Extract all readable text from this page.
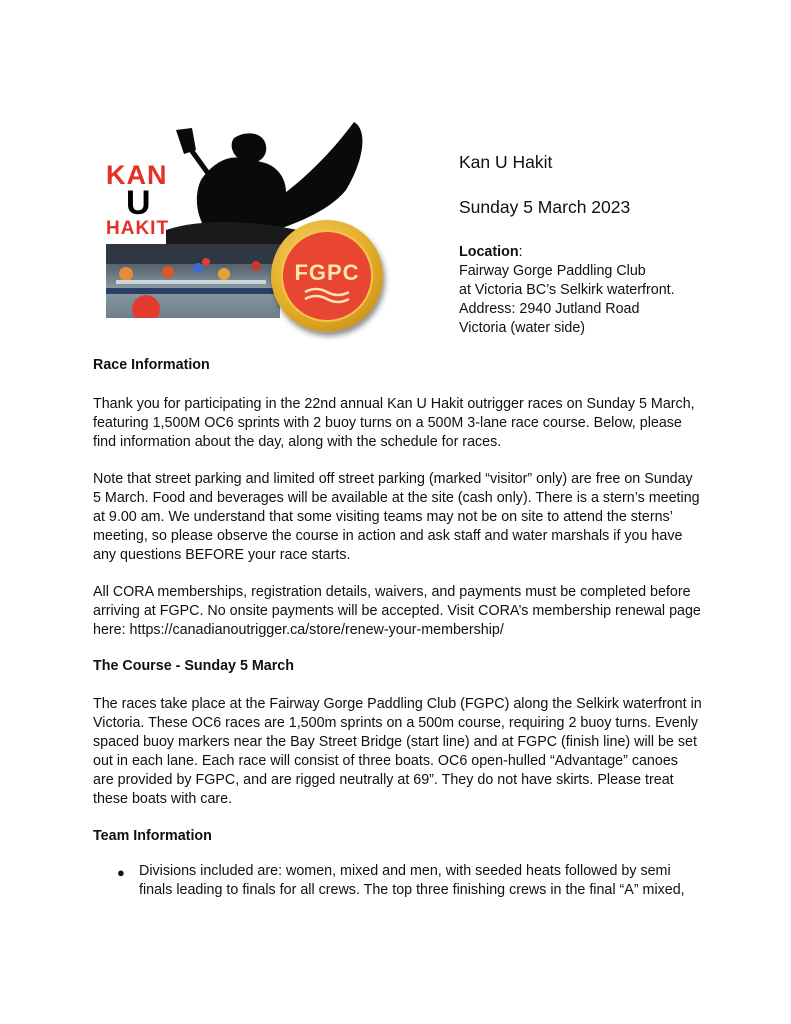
KAN
U
HAKIT
FGPC
Kan U Hakit
Sunday 5 March 2023
Location:
Fairway Gorge Paddling Club
at Victoria BC’s Selkirk waterfront.
Address: 2940 Jutland Road
Victoria (water side)
Race Information
Thank you for participating in the 22nd annual Kan U Hakit outrigger races on Sunday 5 March,
featuring 1,500M OC6 sprints with 2 buoy turns on a 500M 3-lane race course. Below, please
find information about the day, along with the schedule for races.
Note that street parking and limited off street parking (marked “visitor” only) are free on Sunday
5 March. Food and beverages will be available at the site (cash only). There is a stern’s meeting
at 9.00 am. We understand that some visiting teams may not be on site to attend the sterns’
meeting, so please observe the course in action and ask staff and water marshals if you have
any questions BEFORE your race starts.
All CORA memberships, registration details, waivers, and payments must be completed before
arriving at FGPC. No onsite payments will be accepted. Visit CORA’s membership renewal page
here: https://canadianoutrigger.ca/store/renew-your-membership/
The Course - Sunday 5 March
The races take place at the Fairway Gorge Paddling Club (FGPC) along the Selkirk waterfront in
Victoria. These OC6 races are 1,500m sprints on a 500m course, requiring 2 buoy turns. Evenly
spaced buoy markers near the Bay Street Bridge (start line) and at FGPC (finish line) will be set
out in each lane. Each race will consist of three boats. OC6 open-hulled “Advantage” canoes
are provided by FGPC, and are rigged neutrally at 69”. They do not have skirts. Please treat
these boats with care.
Team Information
● Divisions included are: women, mixed and men, with seeded heats followed by semi
finals leading to finals for all crews. The top three finishing crews in the final “A” mixed,
